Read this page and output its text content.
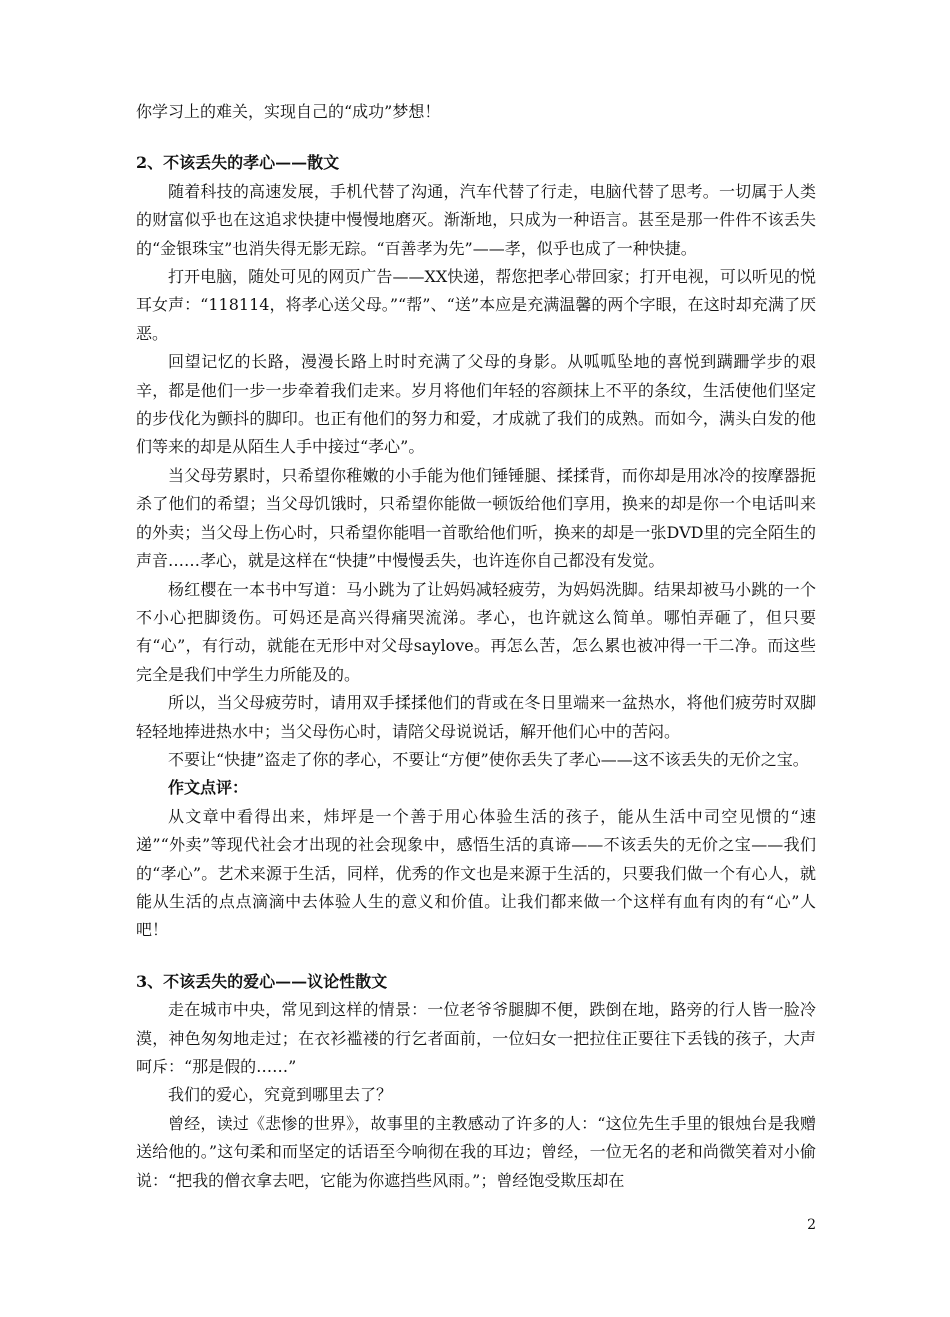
你学习上的难关，实现自己的“成功”梦想！

2、不该丢失的孝心——散文

随着科技的高速发展，手机代替了沟通，汽车代替了行走，电脑代替了思考。一切属于人类的财富似乎也在这追求快捷中慢慢地磨灭。渐渐地，只成为一种语言。甚至是那一件件不该丢失的“金银珠宝”也消失得无影无踪。“百善孝为先”——孝，似乎也成了一种快捷。

打开电脑，随处可见的网页广告——XX快递，帮您把孝心带回家；打开电视，可以听见的悦耳女声：“118114，将孝心送父母。”“帮”、“送”本应是充满温馨的两个字眼，在这时却充满了厌恶。

回望记忆的长路，漫漫长路上时时充满了父母的身影。从呱呱坠地的喜悦到蹒跚学步的艰辛，都是他们一步一步牵着我们走来。岁月将他们年轻的容颜抹上不平的条纹，生活使他们坚定的步伐化为颤抖的脚印。也正有他们的努力和爱，才成就了我们的成熟。而如今，满头白发的他们等来的却是从陌生人手中接过“孝心”。

当父母劳累时，只希望你稚嫩的小手能为他们锤锤腿、揉揉背，而你却是用冰冷的按摩器扼杀了他们的希望；当父母饥饿时，只希望你能做一顿饭给他们享用，换来的却是你一个电话叫来的外卖；当父母上伤心时，只希望你能唱一首歌给他们听，换来的却是一张DVD里的完全陌生的声音……孝心，就是这样在“快捷”中慢慢丢失，也许连你自己都没有发觉。

杨红樱在一本书中写道：马小跳为了让妈妈减轻疲劳，为妈妈洗脚。结果却被马小跳的一个不小心把脚烫伤。可妈还是高兴得痛哭流涕。孝心，也许就这么简单。哪怕弄砸了，但只要有“心”，有行动，就能在无形中对父母saylove。再怎么苦，怎么累也被冲得一干二净。而这些完全是我们中学生力所能及的。

所以，当父母疲劳时，请用双手揉揉他们的背或在冬日里端来一盆热水，将他们疲劳时双脚轻轻地捧进热水中；当父母伤心时，请陪父母说说话，解开他们心中的苦闷。

不要让“快捷”盗走了你的孝心，不要让“方便”使你丢失了孝心——这不该丢失的无价之宝。

作文点评：

从文章中看得出来，炜坪是一个善于用心体验生活的孩子，能从生活中司空见惯的“速递”“外卖”等现代社会才出现的社会现象中，感悟生活的真谛——不该丢失的无价之宝——我们的“孝心”。艺术来源于生活，同样，优秀的作文也是来源于生活的，只要我们做一个有心人，就能从生活的点点滴滴中去体验人生的意义和价值。让我们都来做一个这样有血有肉的有“心”人吧！

3、不该丢失的爱心——议论性散文

走在城市中央，常见到这样的情景：一位老爷爷腿脚不便，跌倒在地，路旁的行人皆一脸冷漠，神色匆匆地走过；在衣衫褴褛的行乞者面前，一位妇女一把拉住正要往下丢钱的孩子，大声呵斥：“那是假的……”

我们的爱心，究竟到哪里去了？

曾经，读过《悲惨的世界》，故事里的主教感动了许多的人：“这位先生手里的银烛台是我赠送给他的。”这句柔和而坚定的话语至今响彻在我的耳边；曾经，一位无名的老和尚微笑着对小偷说：“把我的僧衣拿去吧，它能为你遮挡些风雨。”；曾经饱受欺压却在

2
